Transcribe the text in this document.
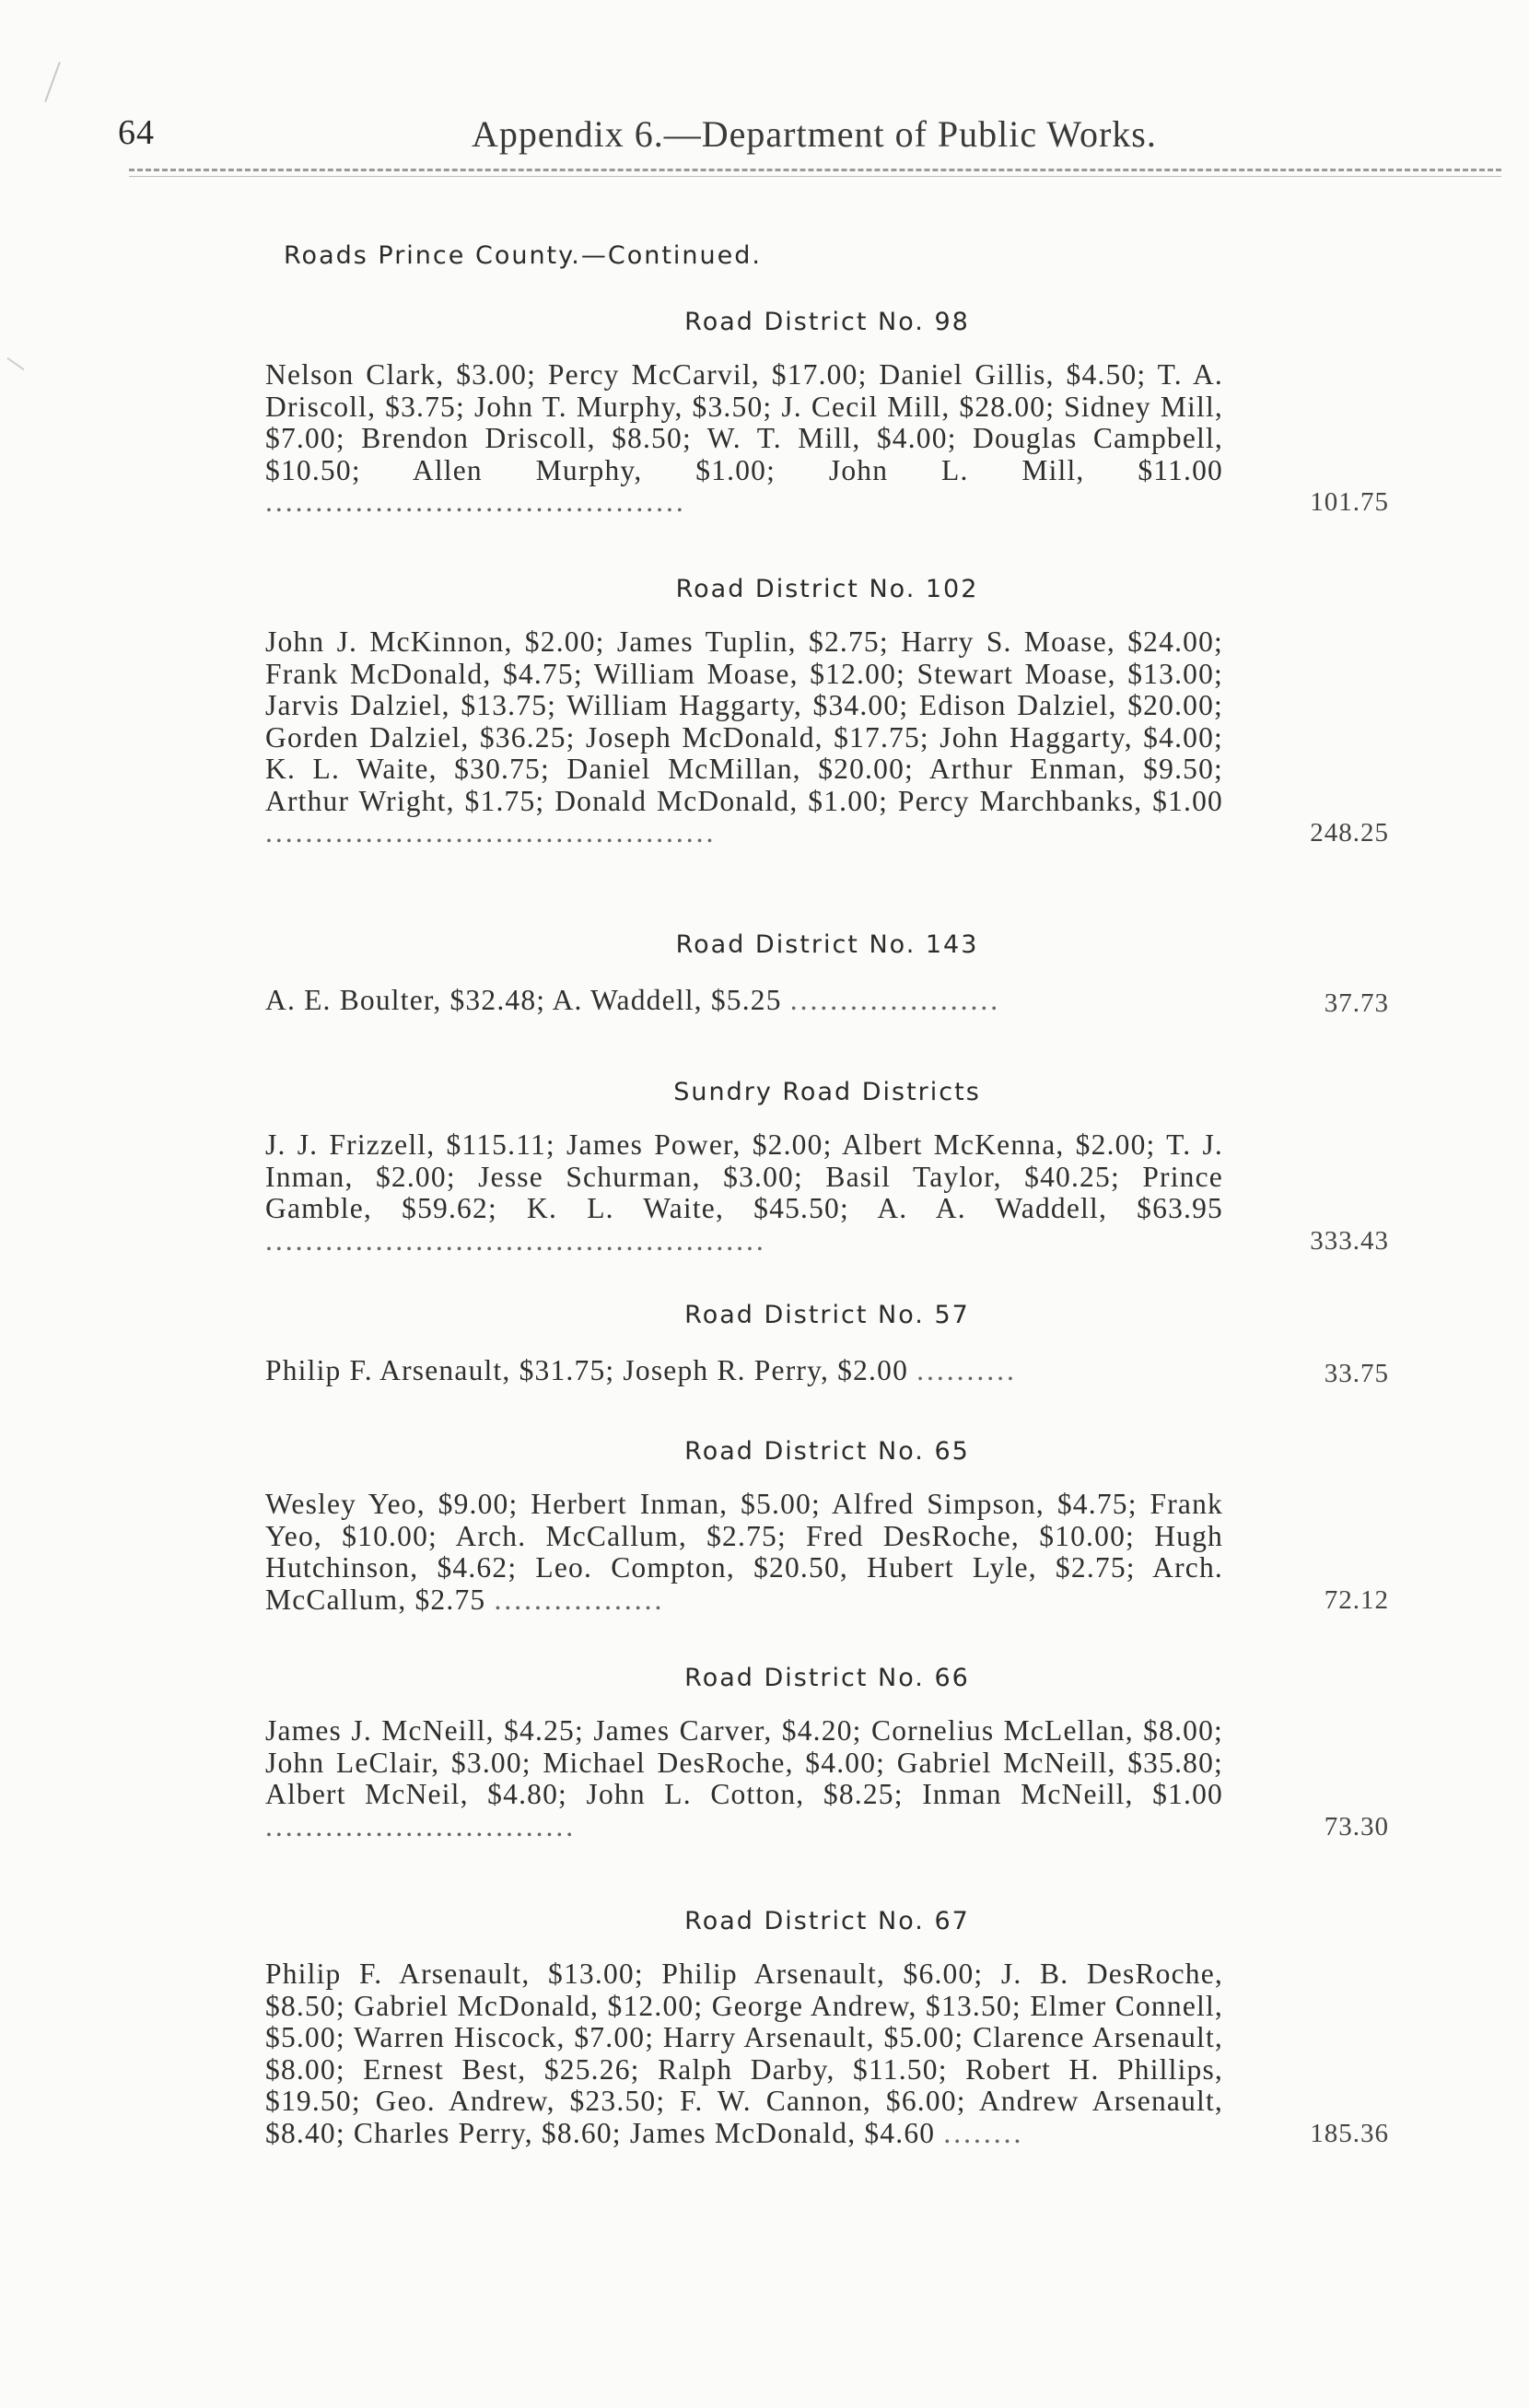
64	Appendix 6.—Department of Public Works.
Roads Prince County.—Continued.
Road District No. 98
Nelson Clark, $3.00; Percy McCarvil, $17.00; Daniel Gillis, $4.50; T. A. Driscoll, $3.75; John T. Murphy, $3.50; J. Cecil Mill, $28.00; Sidney Mill, $7.00; Brendon Driscoll, $8.50; W. T. Mill, $4.00; Douglas Campbell, $10.50; Allen Murphy, $1.00; John L. Mill, $11.00 ..........................................	101.75
Road District No. 102
John J. McKinnon, $2.00; James Tuplin, $2.75; Harry S. Moase, $24.00; Frank McDonald, $4.75; William Moase, $12.00; Stewart Moase, $13.00; Jarvis Dalziel, $13.75; William Haggarty, $34.00; Edison Dalziel, $20.00; Gorden Dalziel, $36.25; Joseph McDonald, $17.75; John Haggarty, $4.00; K. L. Waite, $30.75; Daniel McMillan, $20.00; Arthur Enman, $9.50; Arthur Wright, $1.75; Donald McDonald, $1.00; Percy Marchbanks, $1.00 .............................................	248.25
Road District No. 143
A. E. Boulter, $32.48; A. Waddell, $5.25 .....................	37.73
Sundry Road Districts
J. J. Frizzell, $115.11; James Power, $2.00; Albert McKenna, $2.00; T. J. Inman, $2.00; Jesse Schurman, $3.00; Basil Taylor, $40.25; Prince Gamble, $59.62; K. L. Waite, $45.50; A. A. Waddell, $63.95 ..................................................	333.43
Road District No. 57
Philip F. Arsenault, $31.75; Joseph R. Perry, $2.00 ..........	33.75
Road District No. 65
Wesley Yeo, $9.00; Herbert Inman, $5.00; Alfred Simpson, $4.75; Frank Yeo, $10.00; Arch. McCallum, $2.75; Fred DesRoche, $10.00; Hugh Hutchinson, $4.62; Leo. Compton, $20.50, Hubert Lyle, $2.75; Arch. McCallum, $2.75 .................	72.12
Road District No. 66
James J. McNeill, $4.25; James Carver, $4.20; Cornelius McLellan, $8.00; John LeClair, $3.00; Michael DesRoche, $4.00; Gabriel McNeill, $35.80; Albert McNeil, $4.80; John L. Cotton, $8.25; Inman McNeill, $1.00 ...............................	73.30
Road District No. 67
Philip F. Arsenault, $13.00; Philip Arsenault, $6.00; J. B. DesRoche, $8.50; Gabriel McDonald, $12.00; George Andrew, $13.50; Elmer Connell, $5.00; Warren Hiscock, $7.00; Harry Arsenault, $5.00; Clarence Arsenault, $8.00; Ernest Best, $25.26; Ralph Darby, $11.50; Robert H. Phillips, $19.50; Geo. Andrew, $23.50; F. W. Cannon, $6.00; Andrew Arsenault, $8.40; Charles Perry, $8.60; James McDonald, $4.60 ........	185.36
